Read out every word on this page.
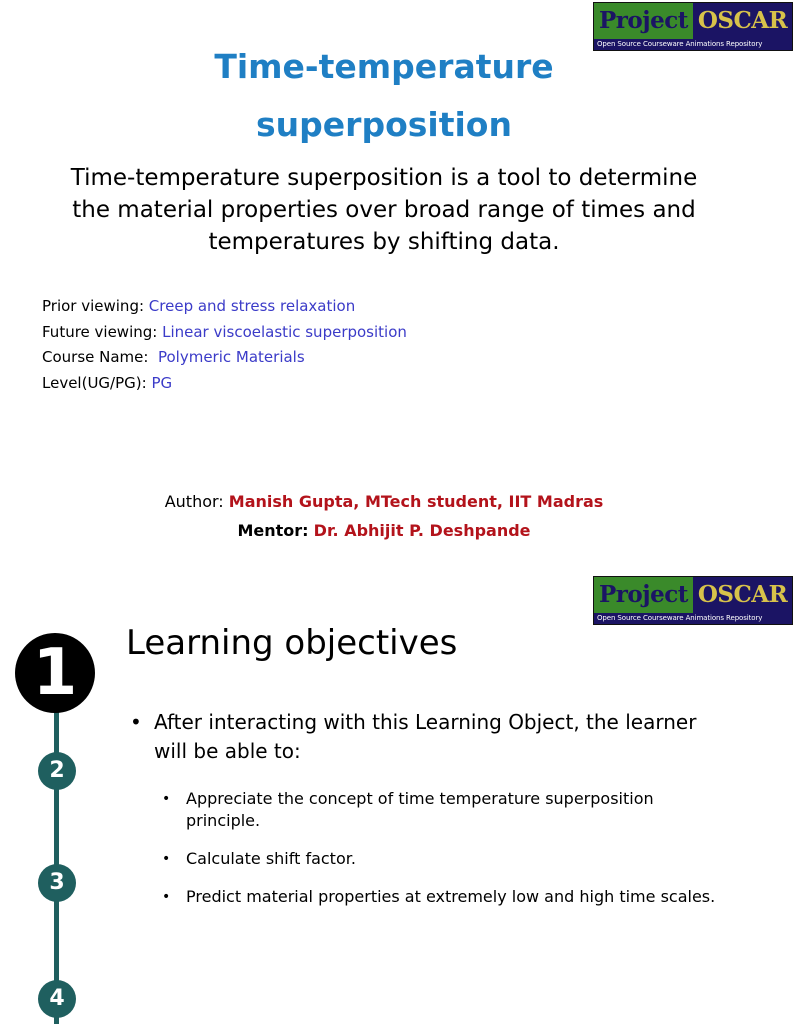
Project OSCAR
Open Source Courseware Animations Repository
Time-temperature
superposition
Time-temperature superposition is a tool to determine the material properties over broad range of times and temperatures by shifting data.
Prior viewing: Creep and stress relaxation
Future viewing: Linear viscoelastic superposition
Course Name:  Polymeric Materials
Level(UG/PG): PG
Author: Manish Gupta, MTech student, IIT Madras
Mentor: Dr. Abhijit P. Deshpande
Project OSCAR
Open Source Courseware Animations Repository
1
2
3
4
Learning objectives
• After interacting with this Learning Object, the learner will be able to:
• Appreciate the concept of time temperature superposition principle.
• Calculate shift factor.
• Predict material properties at extremely low and high time scales.
